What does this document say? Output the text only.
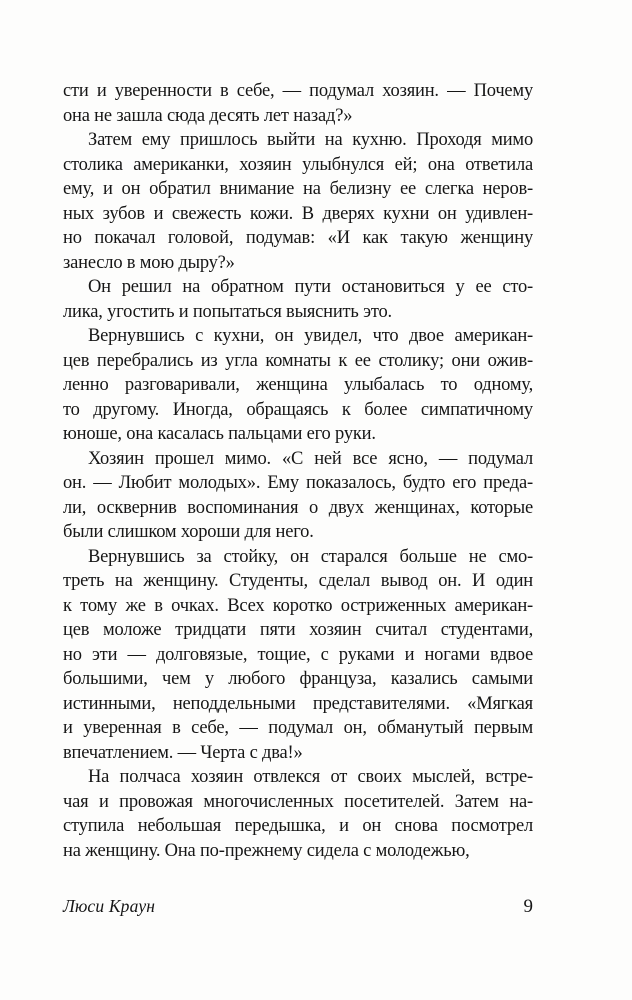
сти и уверенности в себе, — подумал хозяин. — Почему
она не зашла сюда десять лет назад?»
Затем ему пришлось выйти на кухню. Проходя мимо
столика американки, хозяин улыбнулся ей; она ответила
ему, и он обратил внимание на белизну ее слегка неров-
ных зубов и свежесть кожи. В дверях кухни он удивлен-
но покачал головой, подумав: «И как такую женщину
занесло в мою дыру?»
Он решил на обратном пути остановиться у ее сто-
лика, угостить и попытаться выяснить это.
Вернувшись с кухни, он увидел, что двое американ-
цев перебрались из угла комнаты к ее столику; они ожив-
ленно разговаривали, женщина улыбалась то одному,
то другому. Иногда, обращаясь к более симпатичному
юноше, она касалась пальцами его руки.
Хозяин прошел мимо. «С ней все ясно, — подумал
он. — Любит молодых». Ему показалось, будто его преда-
ли, осквернив воспоминания о двух женщинах, которые
были слишком хороши для него.
Вернувшись за стойку, он старался больше не смо-
треть на женщину. Студенты, сделал вывод он. И один
к тому же в очках. Всех коротко остриженных американ-
цев моложе тридцати пяти хозяин считал студентами,
но эти — долговязые, тощие, с руками и ногами вдвое
большими, чем у любого француза, казались самыми
истинными, неподдельными представителями. «Мягкая
и уверенная в себе, — подумал он, обманутый первым
впечатлением. — Черта с два!»
На полчаса хозяин отвлекся от своих мыслей, встре-
чая и провожая многочисленных посетителей. Затем на-
ступила небольшая передышка, и он снова посмотрел
на женщину. Она по-прежнему сидела с молодежью,
Люси Краун	9
